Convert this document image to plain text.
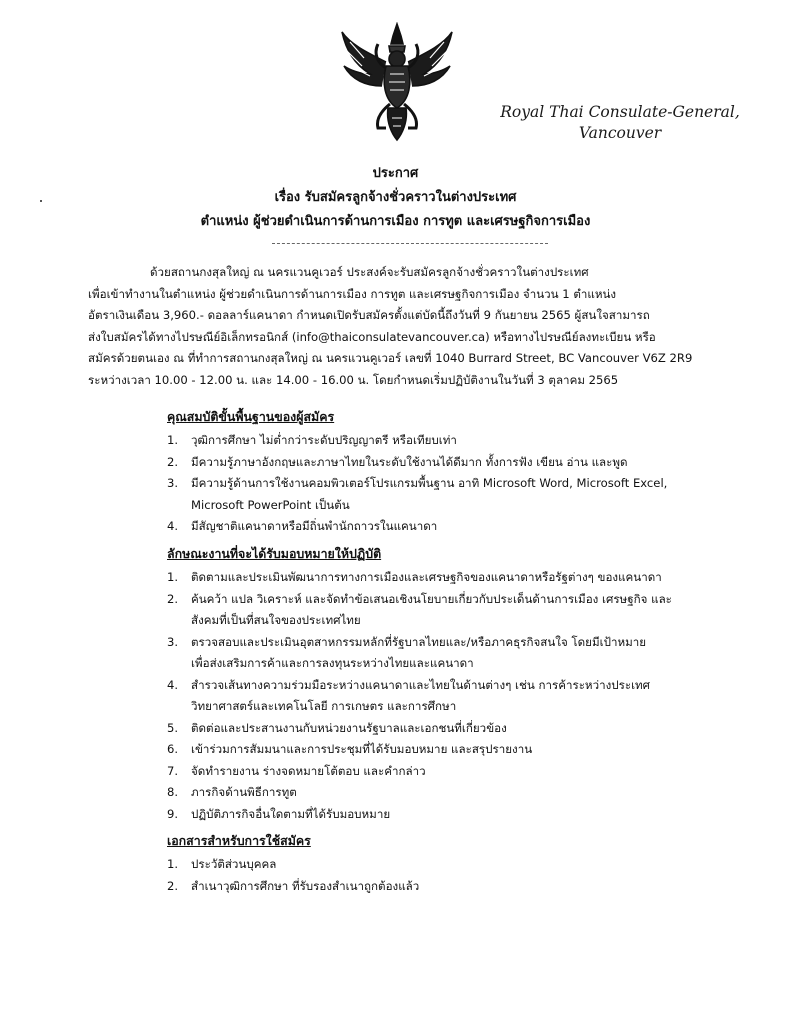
Royal Thai Consulate-General,
Vancouver
ประกาศ
เรื่อง รับสมัครลูกจ้างชั่วคราวในต่างประเทศ
ตำแหน่ง ผู้ช่วยดำเนินการด้านการเมือง การทูต และเศรษฐกิจการเมือง

ด้วยสถานกงสุลใหญ่ ณ นครแวนคูเวอร์ ประสงค์จะรับสมัครลูกจ้างชั่วคราวในต่างประเทศ

เพื่อเข้าทำงานในตำแหน่ง ผู้ช่วยดำเนินการด้านการเมือง การทูต และเศรษฐกิจการเมือง จำนวน 1 ตำแหน่ง

อัตราเงินเดือน 3,960.- ดอลลาร์แคนาดา กำหนดเปิดรับสมัครตั้งแต่บัดนี้ถึงวันที่ 9 กันยายน 2565 ผู้สนใจสามารถ

ส่งใบสมัครได้ทางไปรษณีย์อิเล็กทรอนิกส์ (info@thaiconsulatevancouver.ca) หรือทางไปรษณีย์ลงทะเบียน หรือ

สมัครด้วยตนเอง ณ ที่ทำการสถานกงสุลใหญ่ ณ นครแวนคูเวอร์ เลขที่ 1040 Burrard Street, BC Vancouver V6Z 2R9

ระหว่างเวลา 10.00 - 12.00 น. และ 14.00 - 16.00 น. โดยกำหนดเริ่มปฏิบัติงานในวันที่ 3 ตุลาคม 2565

คุณสมบัติขั้นพื้นฐานของผู้สมัคร
1.	วุฒิการศึกษา ไม่ต่ำกว่าระดับปริญญาตรี หรือเทียบเท่า
2.	มีความรู้ภาษาอังกฤษและภาษาไทยในระดับใช้งานได้ดีมาก ทั้งการฟัง เขียน อ่าน และพูด
3.	มีความรู้ด้านการใช้งานคอมพิวเตอร์โปรแกรมพื้นฐาน อาทิ Microsoft Word, Microsoft Excel,
Microsoft PowerPoint เป็นต้น
4.	มีสัญชาติแคนาดาหรือมีถิ่นพำนักถาวรในแคนาดา
ลักษณะงานที่จะได้รับมอบหมายให้ปฏิบัติ
1.	ติดตามและประเมินพัฒนาการทางการเมืองและเศรษฐกิจของแคนาดาหรือรัฐต่างๆ ของแคนาดา
2.	ค้นคว้า แปล วิเคราะห์ และจัดทำข้อเสนอเชิงนโยบายเกี่ยวกับประเด็นด้านการเมือง เศรษฐกิจ และ
สังคมที่เป็นที่สนใจของประเทศไทย
3.	ตรวจสอบและประเมินอุตสาหกรรมหลักที่รัฐบาลไทยและ/หรือภาคธุรกิจสนใจ โดยมีเป้าหมาย
เพื่อส่งเสริมการค้าและการลงทุนระหว่างไทยและแคนาดา
4.	สำรวจเส้นทางความร่วมมือระหว่างแคนาดาและไทยในด้านต่างๆ เช่น การค้าระหว่างประเทศ
วิทยาศาสตร์และเทคโนโลยี การเกษตร และการศึกษา
5.	ติดต่อและประสานงานกับหน่วยงานรัฐบาลและเอกชนที่เกี่ยวข้อง
6.	เข้าร่วมการสัมมนาและการประชุมที่ได้รับมอบหมาย และสรุปรายงาน
7.	จัดทำรายงาน ร่างจดหมายโต้ตอบ และคำกล่าว
8.	ภารกิจด้านพิธีการทูต
9.	ปฏิบัติภารกิจอื่นใดตามที่ได้รับมอบหมาย
เอกสารสำหรับการใช้สมัคร
1.	ประวัติส่วนบุคคล
2.	สำเนาวุฒิการศึกษา ที่รับรองสำเนาถูกต้องแล้ว
